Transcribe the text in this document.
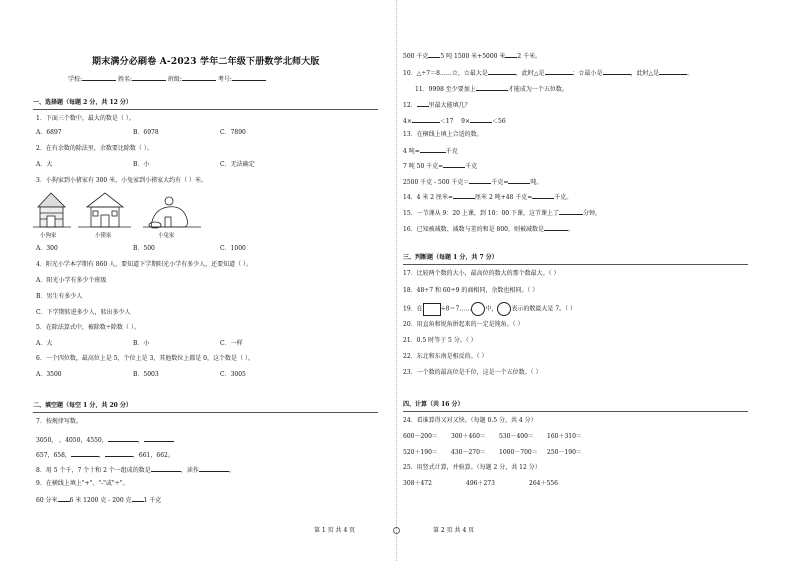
期末满分必刷卷 A-2023 学年二年级下册数学北师大版
学校:	姓名:	班级:	考号:
一、选择题（每题 2 分，共 12 分）
1．下面三个数中，最大的数是（ ）。
A．6897	B．6978	C．7890
2．在有余数的除法里，余数要比除数（ ）。
A．大	B．小	C．无法确定
3．小狗家到小猪家有 300 米，小兔家到小猪家大约有（ ）米。
小狗家	小猪家	小兔家
A．300	B．500	C．1000
4．阳光小学本学期有 860 人，要知道下学期阳光小学有多少人，还要知道（ ）。
A．阳光小学有多少个班级
B．男生有多少人
C．下学期转进多少人，转出多少人
5．在除法算式中，被除数÷除数（ ）。
A．大	B．小	C．一样
6．一个四位数，最高位上是 5，个位上是 3，其他数位上都是 0，这个数是（ ）。
A．3500	B．5003	C．3005
二、填空题（每空 1 分，共 20 分）
7．按规律写数。
3050， ，4050，4550，	，
657，658，	，	，661，662。
8．用 5 个千，7 个十和 2 个一组成的数是	，读作	。
9．在横线上填上"+"、"-"或"÷"。
60 分米 6 米 1200 克 - 200 克 1 千克
第 1 页 共 4 页
500 千克 5 吨 1500 米+5000 米 2 千米。
10．△÷7＝8……☆，☆最大是	，此时△是	；☆最小是	，此时△是	。
11．9998 至少要加上	才能成为一个五位数。
12． 里最大能填几？
4×	＜17 9×	＜56
13．在横线上填上合适的数。
4 吨=	千克
7 吨 50 千克=	千克
2500 千克 - 500 千克＝	千克=	吨。
14．4 米 2 厘米=	厘米 2 吨+48 千克=	千克。
15．一节课从 9：20 上课，到 10：00 下课，这节课上了	分钟。
16．已知被减数、减数与差的和是 800，则被减数是	。
三、判断题（每题 1 分，共 7 分）
17．比较两个数的大小，最高位的数大的那个数最大。（ ）
18．48÷7 和 60÷9 的商相同，余数也相同。（ ）
19．在	÷8＝7…… 中， 表示的数最大是 7。（ ）
20．用直角和锐角拼起来的一定是钝角。（ ）
21．0.5 时等于 5 分。（ ）
22．东北和东南是相反的。（ ）
23．一个数的最高位是千位，这是一个五位数。（ ）
四、计算（共 16 分）
24．看谁算得又对又快。（每题 0.5 分，共 4 分）
600－200＝ 300＋460＝ 530－400＝ 160＋310＝
520＋190＝ 430－270＝ 1000－700＝ 250－190＝
25．用竖式计算，并验算。（每题 2 分，共 12 分）
308＋472	496＋273	264＋556
第 2 页 共 4 页
